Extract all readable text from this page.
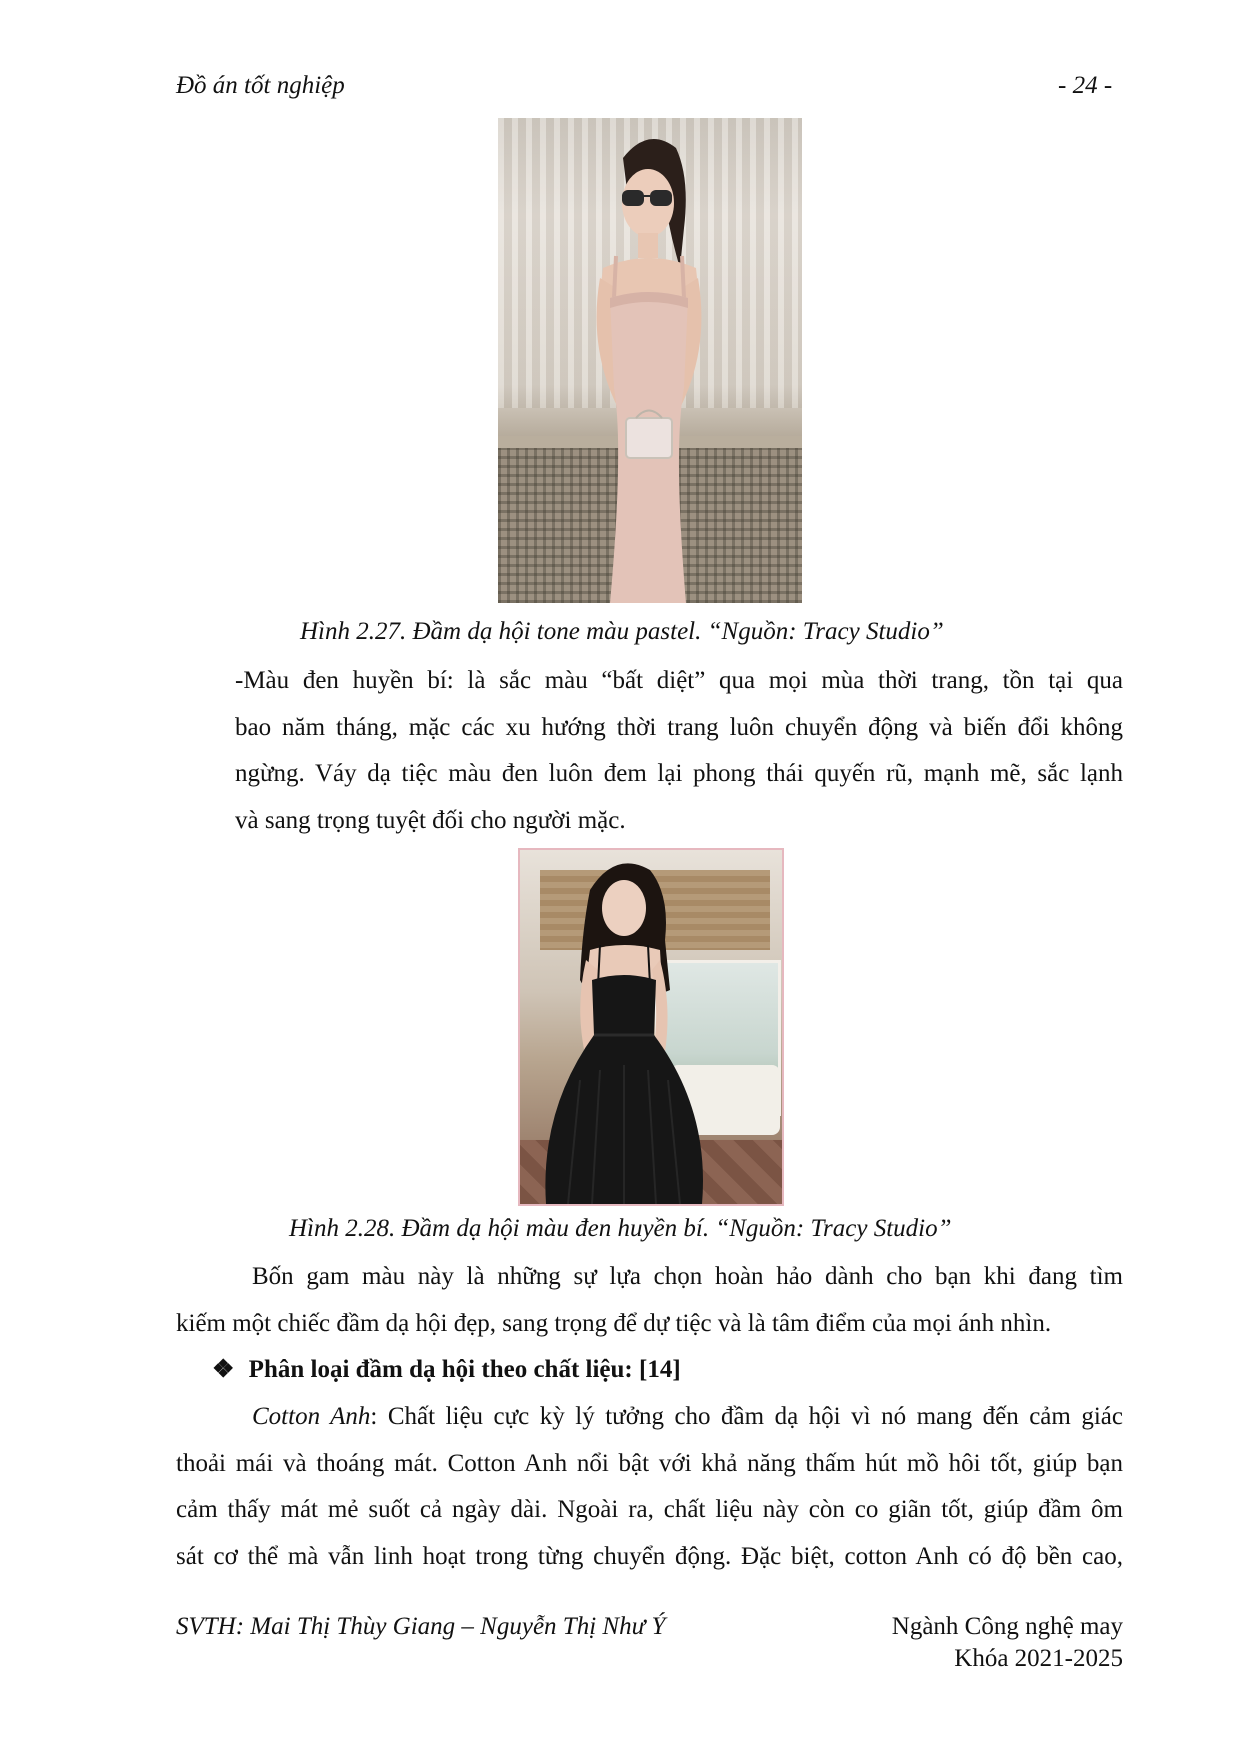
Đồ án tốt nghiệp	- 24 -
Hình 2.27. Đầm dạ hội tone màu pastel. “Nguồn: Tracy Studio”
-Màu đen huyền bí: là sắc màu “bất diệt” qua mọi mùa thời trang, tồn tại qua
bao năm tháng, mặc các xu hướng thời trang luôn chuyển động và biến đổi không
ngừng. Váy dạ tiệc màu đen luôn đem lại phong thái quyến rũ, mạnh mẽ, sắc lạnh
và sang trọng tuyệt đối cho người mặc.
Hình 2.28. Đầm dạ hội màu đen huyền bí. “Nguồn: Tracy Studio”
Bốn gam màu này là những sự lựa chọn hoàn hảo dành cho bạn khi đang tìm
kiếm một chiếc đầm dạ hội đẹp, sang trọng để dự tiệc và là tâm điểm của mọi ánh nhìn.
❖ Phân loại đầm dạ hội theo chất liệu: [14]
Cotton Anh: Chất liệu cực kỳ lý tưởng cho đầm dạ hội vì nó mang đến cảm giác
thoải mái và thoáng mát. Cotton Anh nổi bật với khả năng thấm hút mồ hôi tốt, giúp bạn
cảm thấy mát mẻ suốt cả ngày dài. Ngoài ra, chất liệu này còn co giãn tốt, giúp đầm ôm
sát cơ thể mà vẫn linh hoạt trong từng chuyển động. Đặc biệt, cotton Anh có độ bền cao,
SVTH: Mai Thị Thùy Giang – Nguyễn Thị Như Ý	Ngành Công nghệ may
Khóa 2021-2025
